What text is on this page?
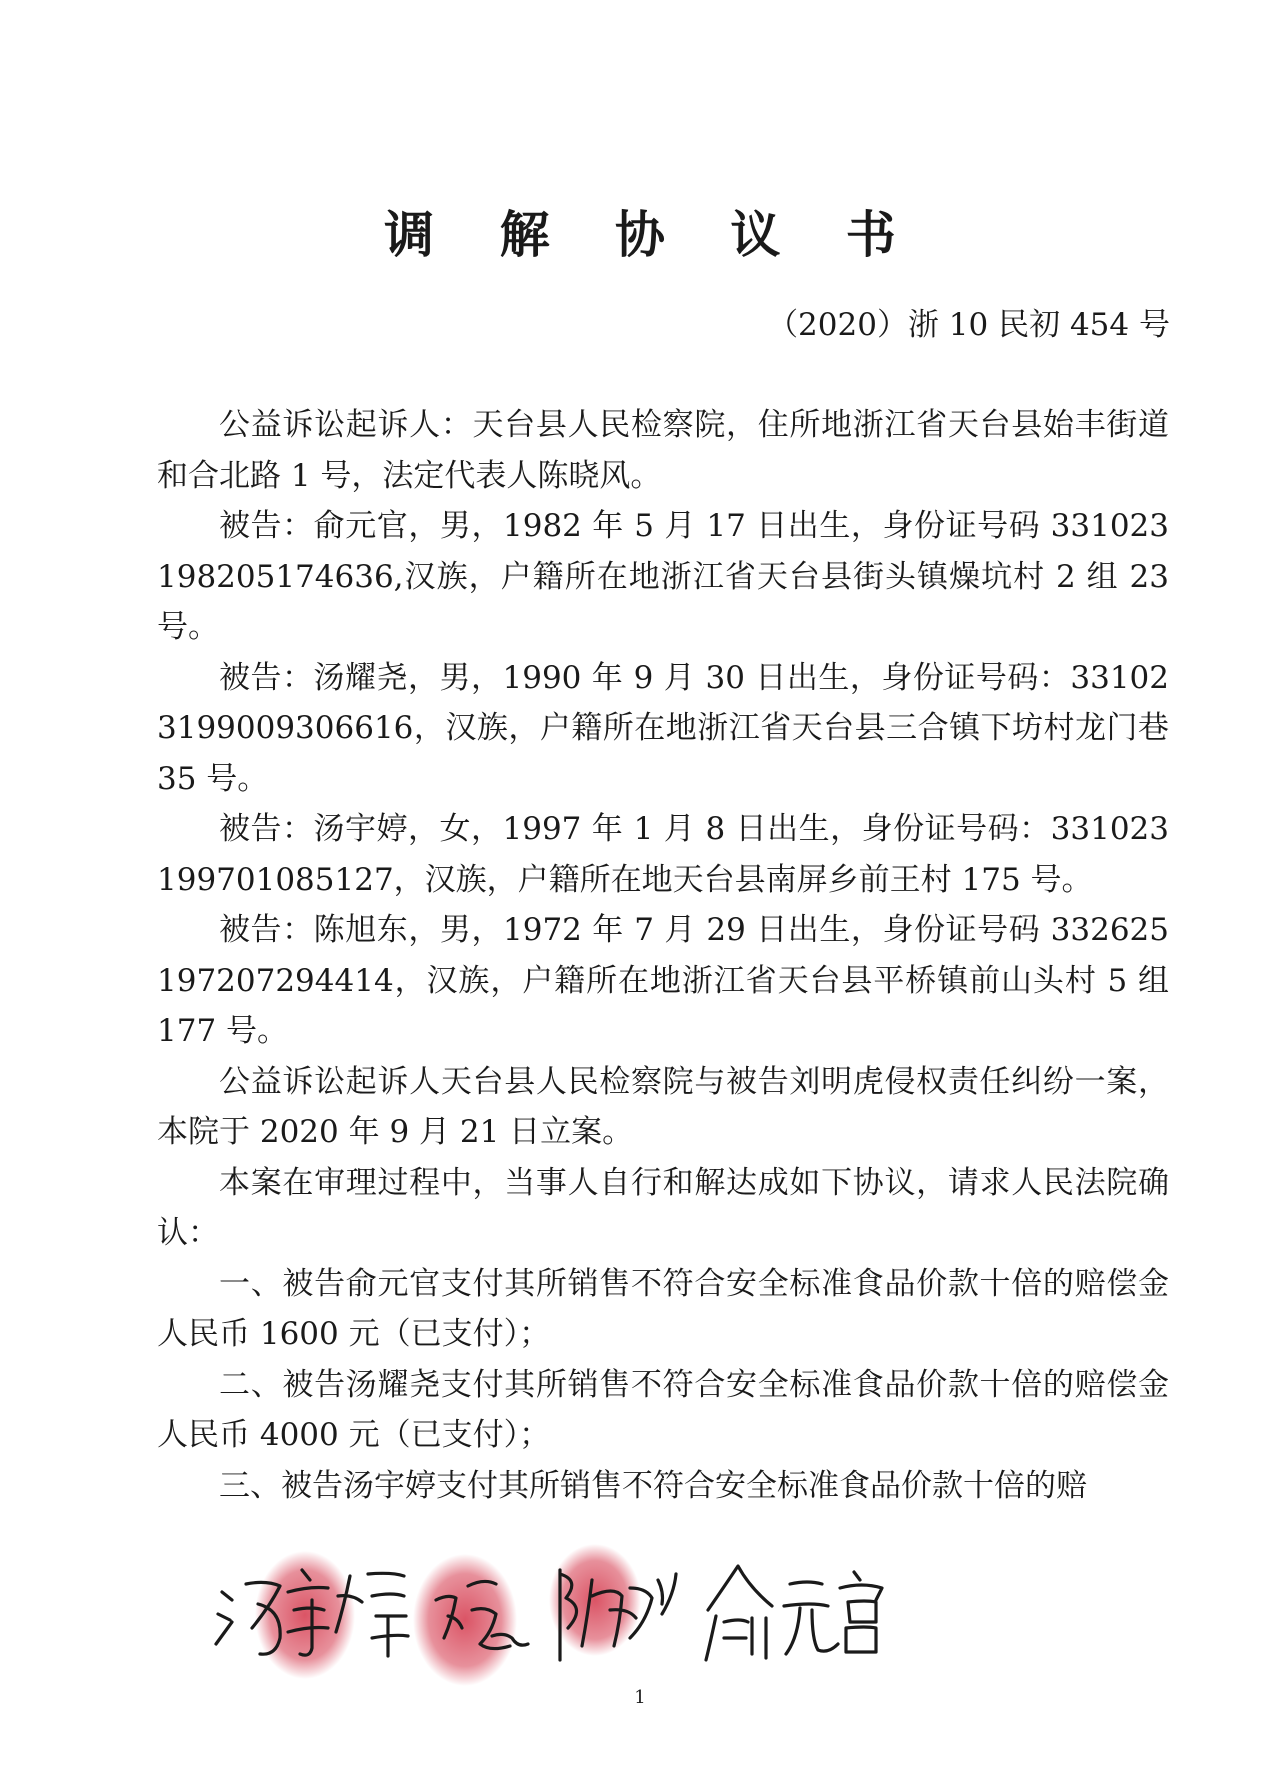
调 解 协 议 书
（2020）浙 10 民初 454 号

公益诉讼起诉人：天台县人民检察院，住所地浙江省天台县始丰街道和合北路 1 号，法定代表人陈晓风。

被告：俞元官，男，1982 年 5 月 17 日出生，身份证号码 331023198205174636,汉族，户籍所在地浙江省天台县街头镇燥坑村 2 组 23 号。

被告：汤耀尧，男，1990 年 9 月 30 日出生，身份证号码：331023199009306616，汉族，户籍所在地浙江省天台县三合镇下坊村龙门巷 35 号。

被告：汤宇婷，女，1997 年 1 月 8 日出生，身份证号码：331023199701085127，汉族，户籍所在地天台县南屏乡前王村 175 号。

被告：陈旭东，男，1972 年 7 月 29 日出生，身份证号码 332625197207294414，汉族，户籍所在地浙江省天台县平桥镇前山头村 5 组 177 号。

公益诉讼起诉人天台县人民检察院与被告刘明虎侵权责任纠纷一案，本院于 2020 年 9 月 21 日立案。

本案在审理过程中，当事人自行和解达成如下协议，请求人民法院确认：

一、被告俞元官支付其所销售不符合安全标准食品价款十倍的赔偿金人民币 1600 元（已支付）；

二、被告汤耀尧支付其所销售不符合安全标准食品价款十倍的赔偿金人民币 4000 元（已支付）；

三、被告汤宇婷支付其所销售不符合安全标准食品价款十倍的赔

1
